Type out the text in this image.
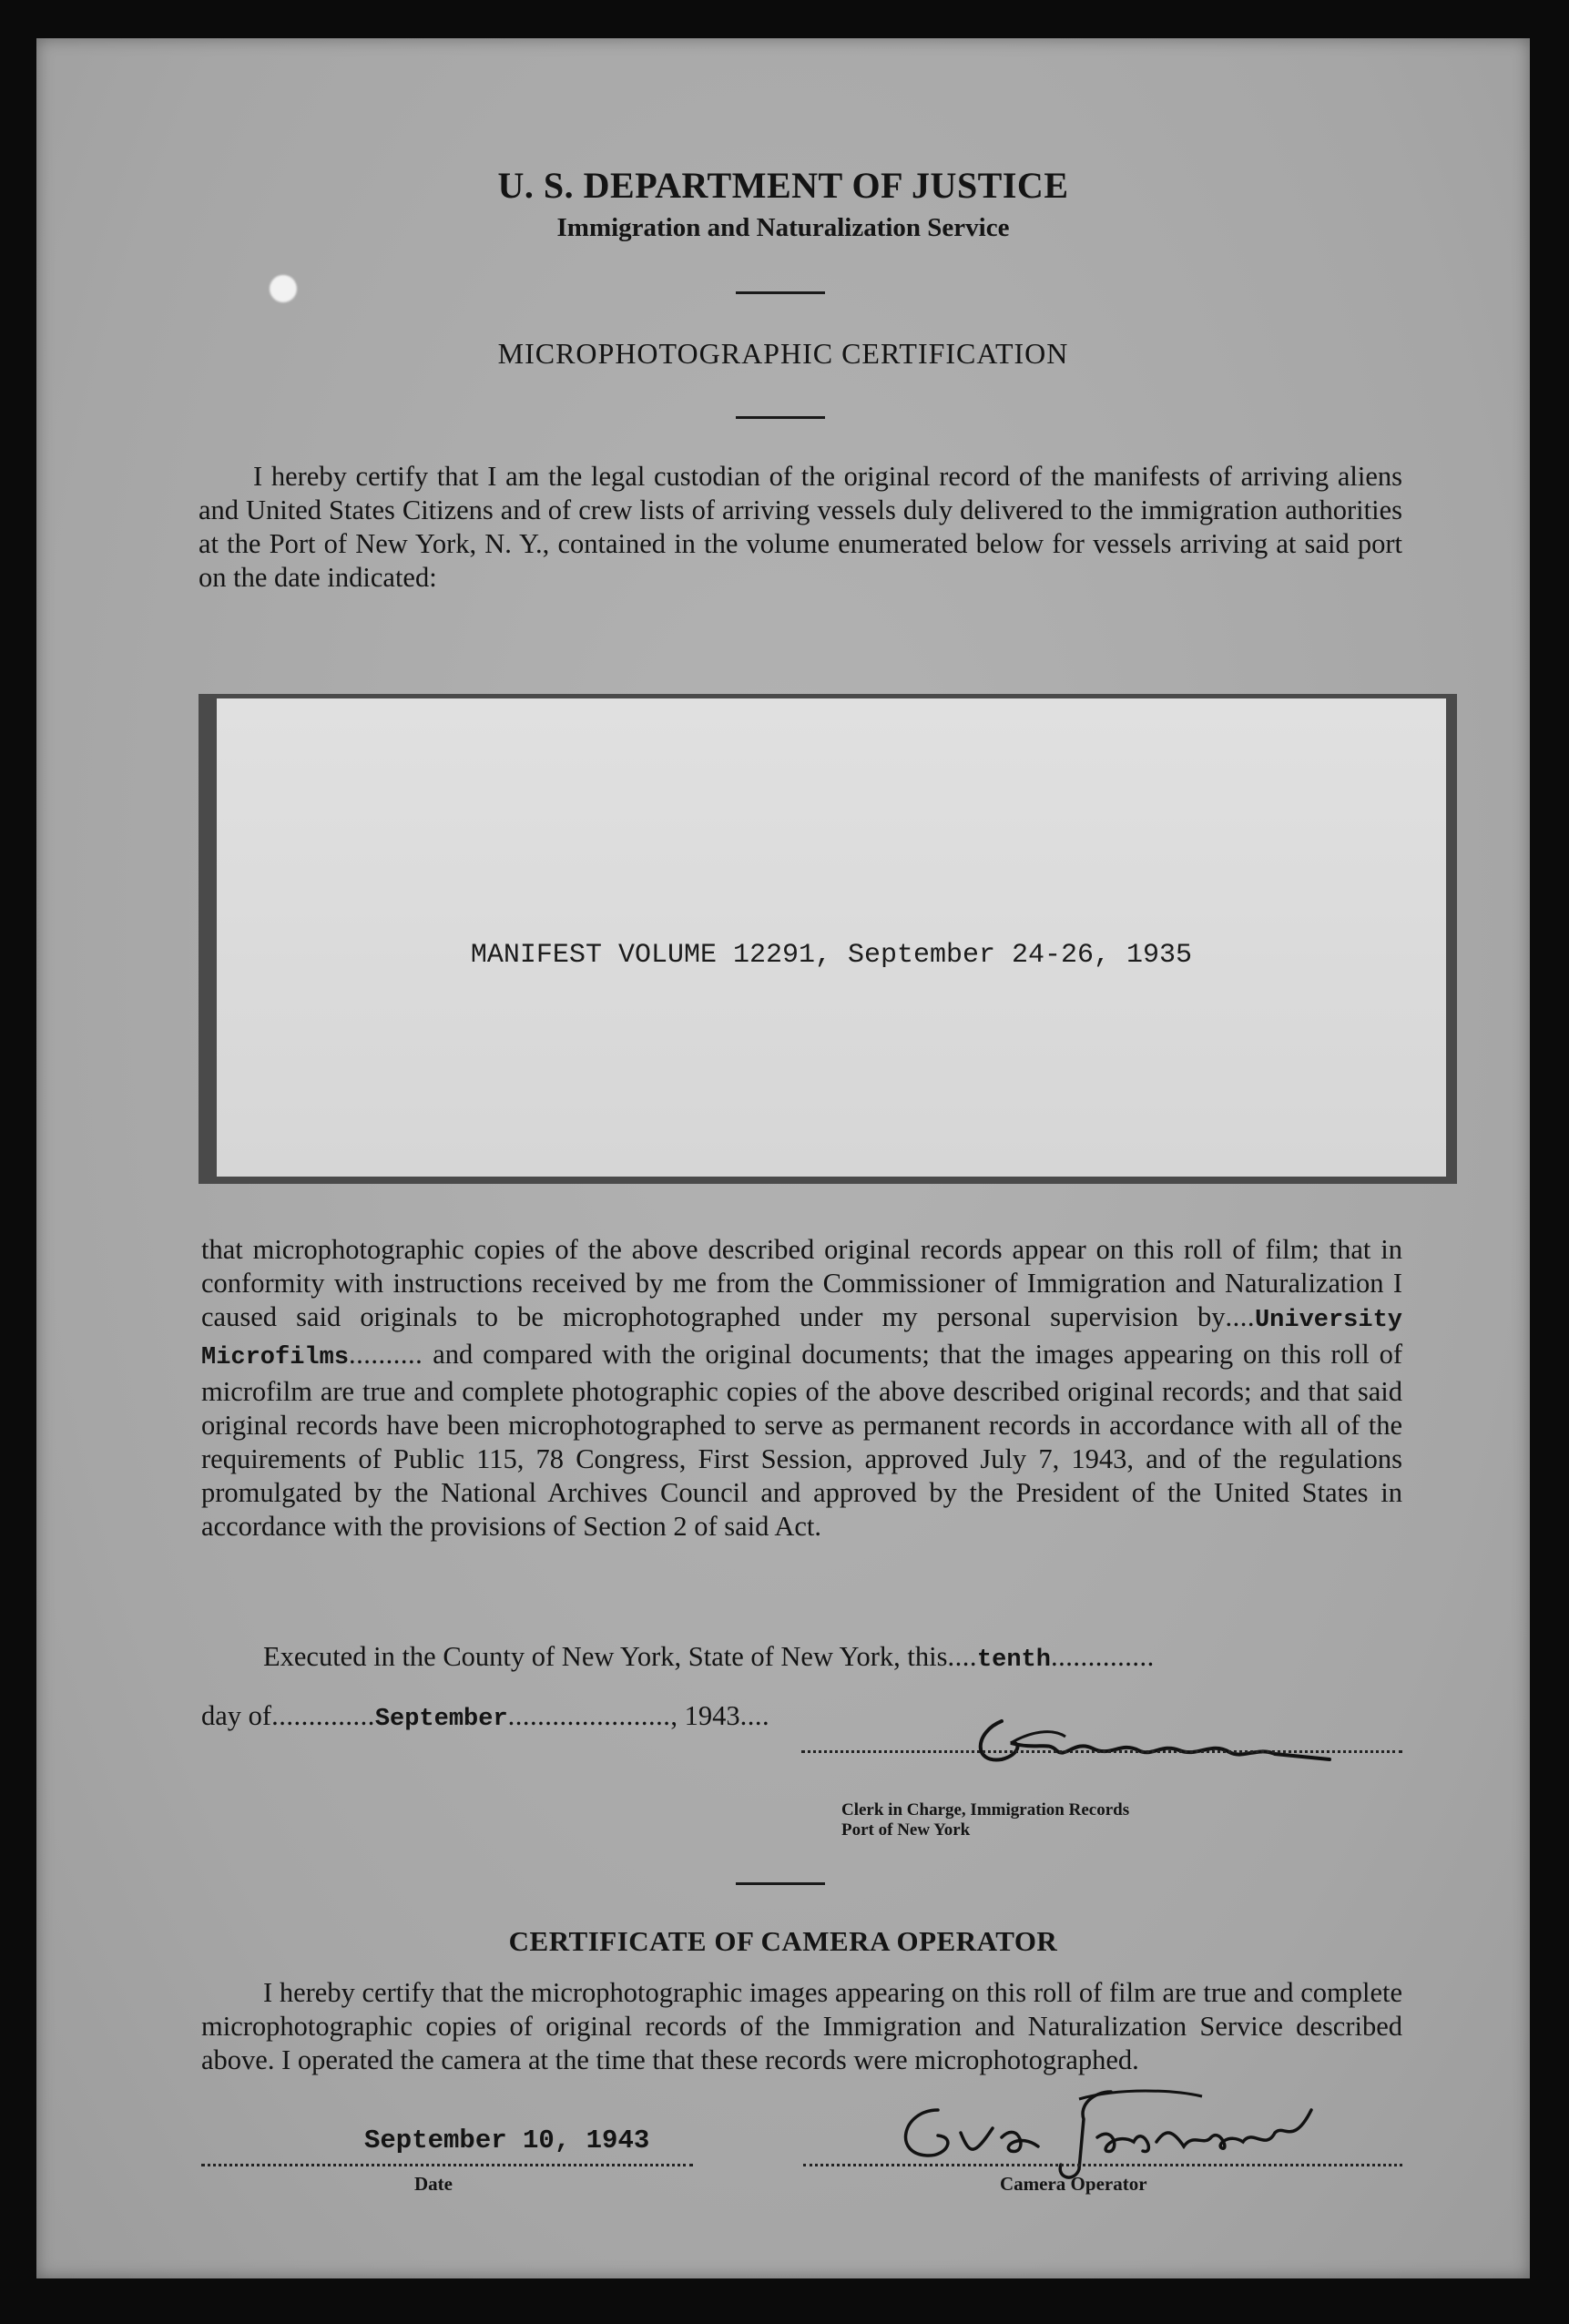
U. S. DEPARTMENT OF JUSTICE
Immigration and Naturalization Service
MICROPHOTOGRAPHIC CERTIFICATION
I hereby certify that I am the legal custodian of the original record of the manifests of arriving aliens and United States Citizens and of crew lists of arriving vessels duly delivered to the immigration authorities at the Port of New York, N. Y., contained in the volume enumerated below for vessels arriving at said port on the date indicated:
MANIFEST VOLUME 12291, September 24-26, 1935
that microphotographic copies of the above described original records appear on this roll of film; that in conformity with instructions received by me from the Commissioner of Immigration and Naturalization I caused said originals to be microphotographed under my personal supervision by....University Microfilms.......... and compared with the original documents; that the images appearing on this roll of microfilm are true and complete photographic copies of the above described original records; and that said original records have been microphotographed to serve as permanent records in accordance with all of the requirements of Public 115, 78 Congress, First Session, approved July 7, 1943, and of the regulations promulgated by the National Archives Council and approved by the President of the United States in accordance with the provisions of Section 2 of said Act.
Executed in the County of New York, State of New York, this....tenth..............
day of..............September......................, 1943....
Clerk in Charge, Immigration Records
Port of New York
CERTIFICATE OF CAMERA OPERATOR
I hereby certify that the microphotographic images appearing on this roll of film are true and complete microphotographic copies of original records of the Immigration and Naturalization Service described above. I operated the camera at the time that these records were microphotographed.
September 10, 1943
Date	Camera Operator
